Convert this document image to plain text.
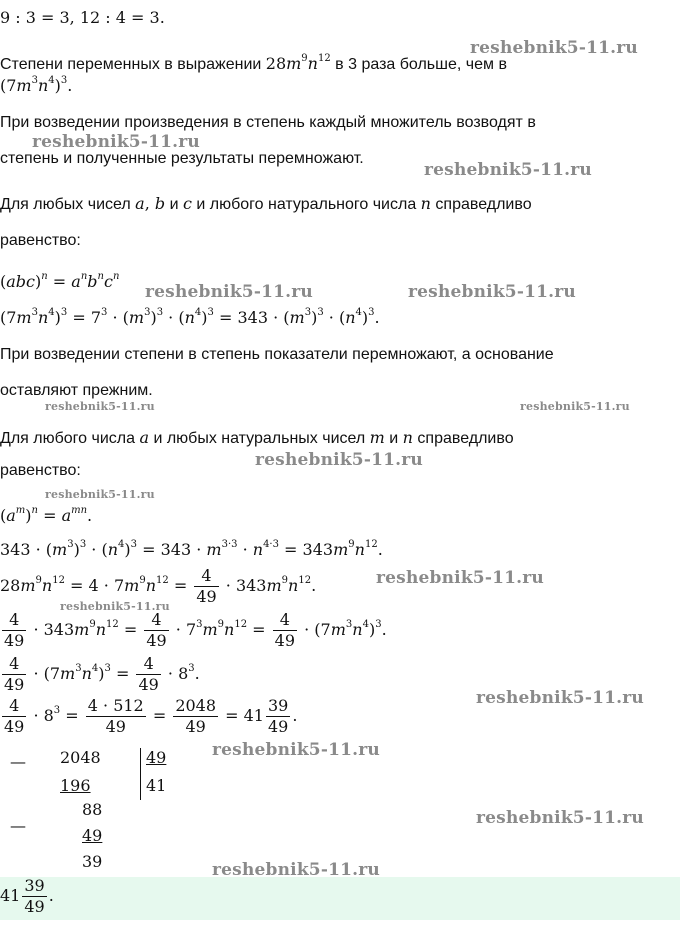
9 : 3 = 3, 12 : 4 = 3.
Степени переменных в выражении $28m^9n^{12}$ в 3 раза больше, чем в
$(7m^3n^4)^3$.
При возведении произведения в степень каждый множитель возводят в
степень и полученные результаты перемножают.
Для любых чисел a, b и c и любого натурального числа n справедливо
равенство:
$(abc)^n = a^nb^nc^n$
$(7m^3n^4)^3 = 7^3 \cdot (m^3)^3 \cdot (n^4)^3 = 343 \cdot (m^3)^3 \cdot (n^4)^3$.
При возведении степени в степень показатели перемножают, а основание
оставляют прежним.
Для любого числа a и любых натуральных чисел m и n справедливо
равенство:
$(a^m)^n = a^{mn}$.
$343 \cdot (m^3)^3 \cdot (n^4)^3 = 343 \cdot m^{3\cdot 3} \cdot n^{4\cdot 3} = 343m^9n^{12}$.
$28m^9n^{12} = 4 \cdot 7m^9n^{12} = \frac{4}{49} \cdot 343m^9n^{12}$.
$\frac{4}{49} \cdot 343m^9n^{12} = \frac{4}{49} \cdot 7^3m^9n^{12} = \frac{4}{49} \cdot (7m^3n^4)^3$.
$\frac{4}{49} \cdot (7m^3n^4)^3 = \frac{4}{49} \cdot 8^3$.
$\frac{4}{49} \cdot 8^3 = \frac{4 \cdot 512}{49} = \frac{2048}{49} = 41 \frac{39}{49}$ .
— 2048
196
49
41
—
88
49
39
$41 \frac{39}{49}$ .
reshebnik5-11.ru
reshebnik5-11.ru
reshebnik5-11.ru
reshebnik5-11.ru	reshebnik5-11.ru
reshebnik5-11.ru	reshebnik5-11.ru
reshebnik5-11.ru
reshebnik5-11.ru
reshebnik5-11.ru
reshebnik5-11.ru
reshebnik5-11.ru
reshebnik5-11.ru
reshebnik5-11.ru
reshebnik5-11.ru
